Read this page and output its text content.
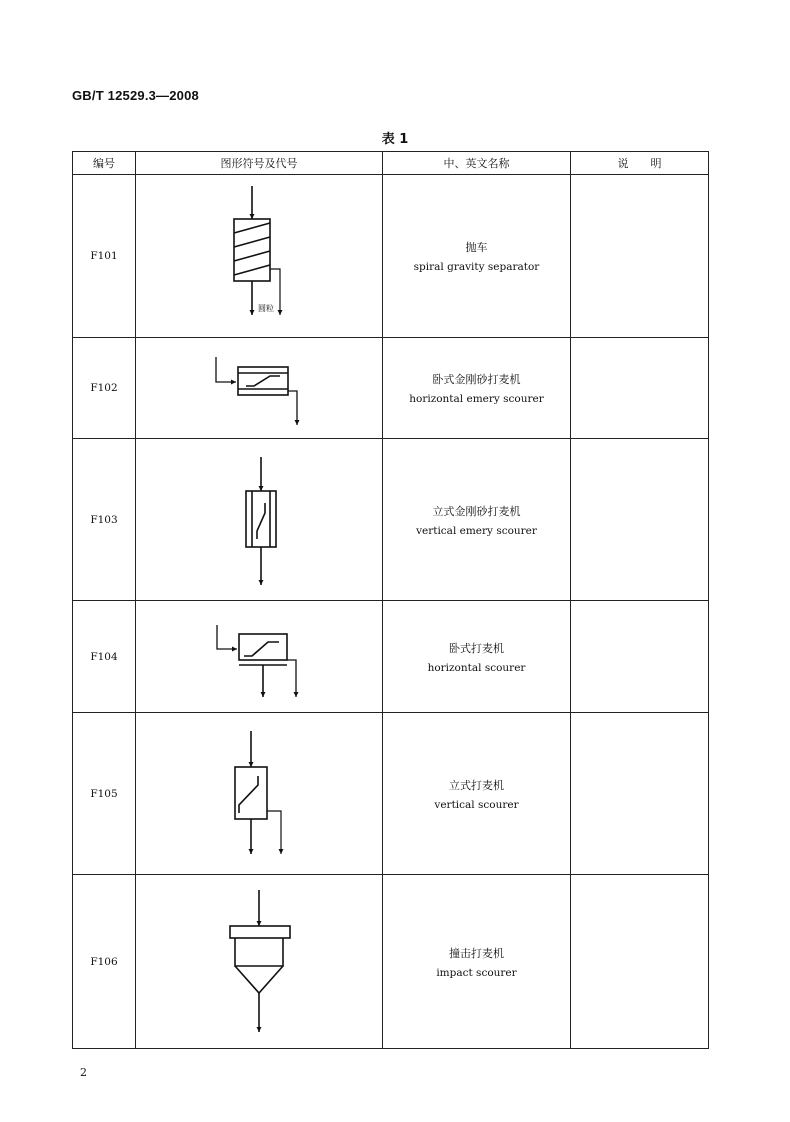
GB/T 12529.3—2008
表 1
编号	图形符号及代号	中、英文名称	说　　明
F101	圆粒	抛车
spiral gravity separator	

F102		卧式金刚砂打麦机
horizontal emery scourer	

F103		立式金刚砂打麦机
vertical emery scourer	

F104		卧式打麦机
horizontal scourer	

F105		立式打麦机
vertical scourer	

F106		撞击打麦机
impact scourer	

2
